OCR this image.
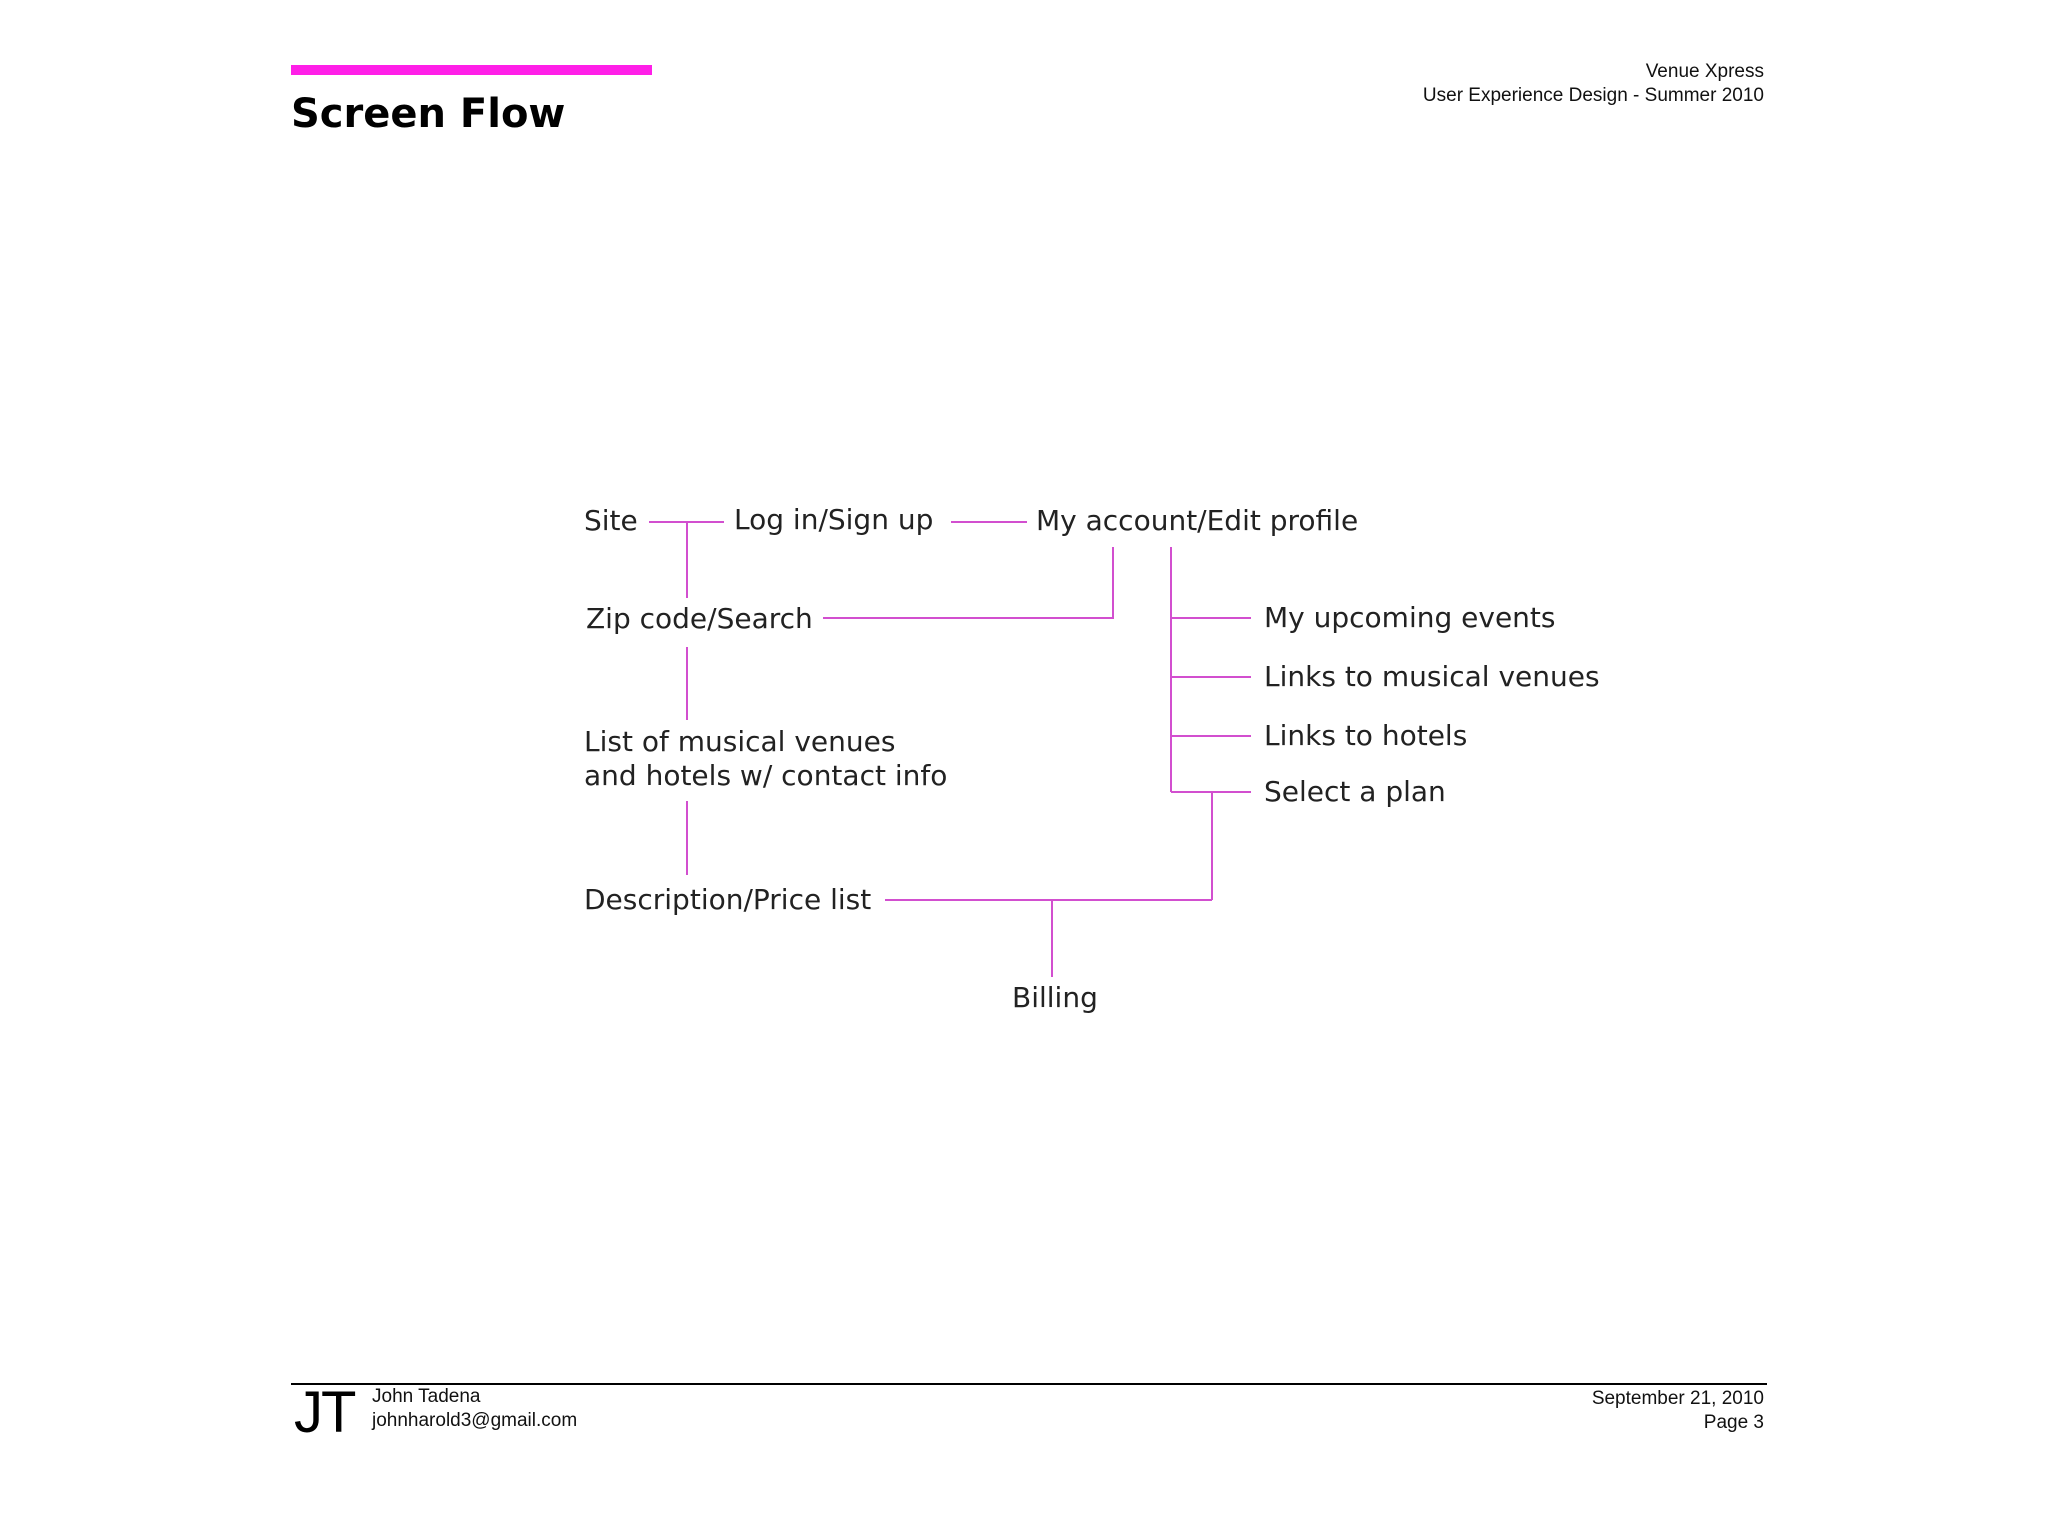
Screen Flow
Venue Xpress
User Experience Design - Summer 2010
Site	Log in/Sign up	My account/Edit profile
Zip code/Search
List of musical venues
and hotels w/ contact info
Description/Price list
Billing
My upcoming events
Links to musical venues
Links to hotels
Select a plan
JT John Tadena
johnharold3@gmail.com
September 21, 2010
Page 3
